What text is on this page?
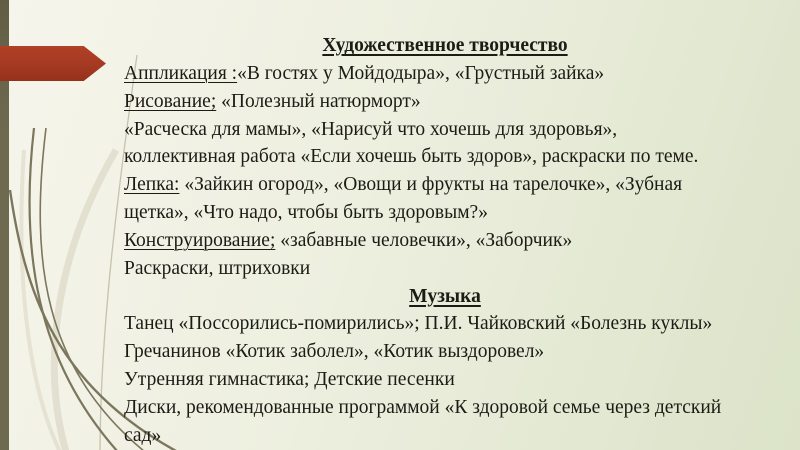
Художественное творчество
Аппликация :«В гостях у Мойдодыра», «Грустный зайка»
Рисование; «Полезный натюрморт»
«Расческа для мамы», «Нарисуй что хочешь для здоровья»,
коллективная работа «Если хочешь быть здоров», раскраски по теме.
Лепка: «Зайкин огород», «Овощи и фрукты на тарелочке», «Зубная
щетка», «Что надо, чтобы быть здоровым?»
Конструирование; «забавные человечки», «Заборчик»
Раскраски, штриховки
Музыка
Танец «Поссорились-помирились»; П.И. Чайковский «Болезнь куклы»
Гречанинов «Котик заболел», «Котик выздоровел»
Утренняя гимнастика; Детские песенки
Диски, рекомендованные программой «К здоровой семье через детский
сад»
